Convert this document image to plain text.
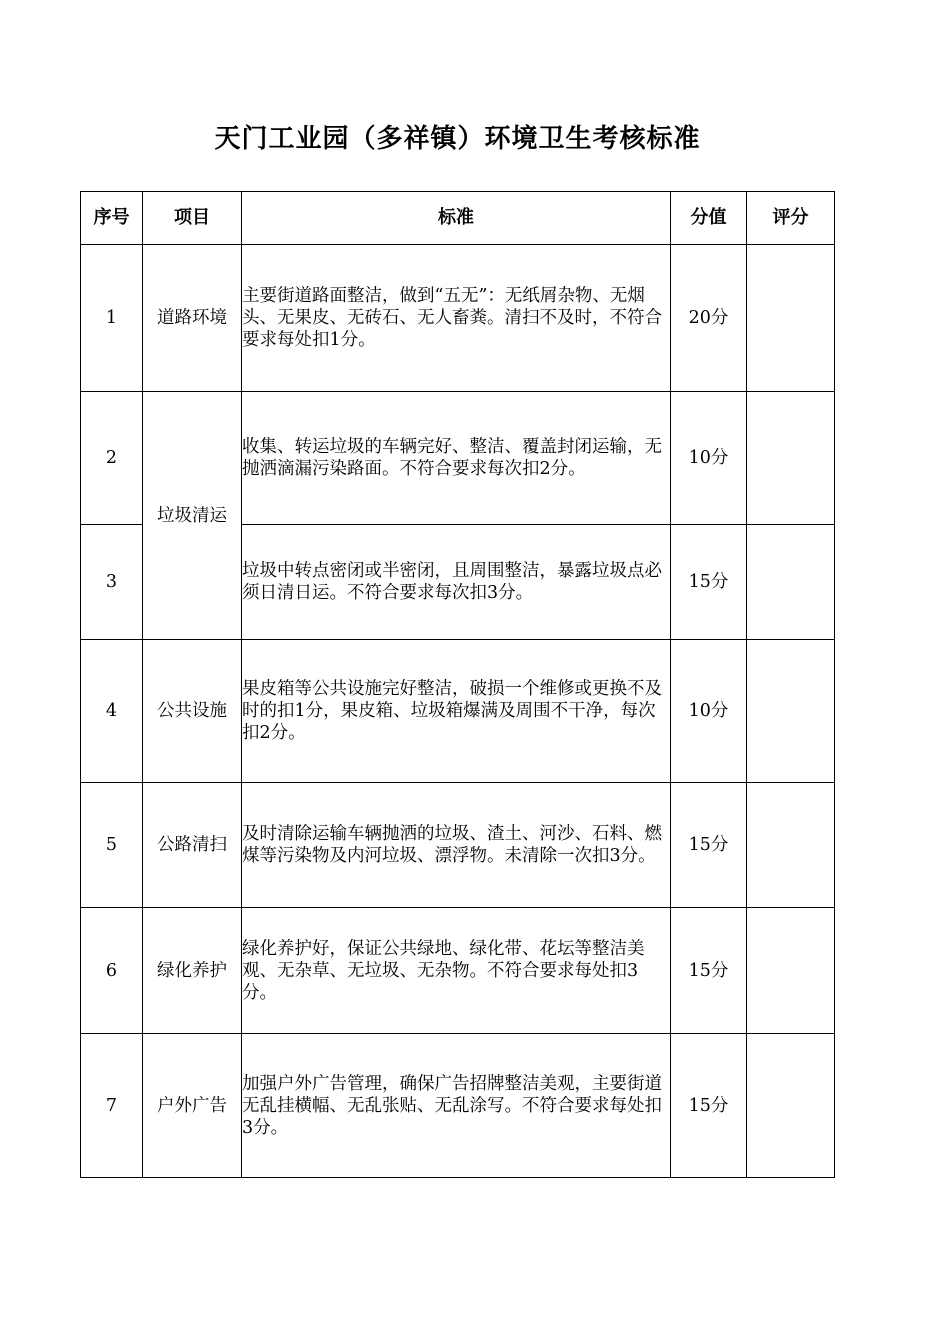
天门工业园（多祥镇）环境卫生考核标准
序号	项目	标准	分值	评分
1	道路环境	主要街道路面整洁，做到“五无”：无纸屑杂物、无烟头、无果皮、无砖石、无人畜粪。清扫不及时，不符合要求每处扣1分。	20分	
2	垃圾清运	收集、转运垃圾的车辆完好、整洁、覆盖封闭运输，无抛洒滴漏污染路面。不符合要求每次扣2分。	10分	
3		垃圾中转点密闭或半密闭，且周围整洁，暴露垃圾点必须日清日运。不符合要求每次扣3分。	15分	
4	公共设施	果皮箱等公共设施完好整洁，破损一个维修或更换不及时的扣1分，果皮箱、垃圾箱爆满及周围不干净，每次扣2分。	10分	
5	公路清扫	及时清除运输车辆抛洒的垃圾、渣土、河沙、石料、燃煤等污染物及内河垃圾、漂浮物。未清除一次扣3分。	15分	
6	绿化养护	绿化养护好，保证公共绿地、绿化带、花坛等整洁美观、无杂草、无垃圾、无杂物。不符合要求每处扣3分。	15分	
7	户外广告	加强户外广告管理，确保广告招牌整洁美观，主要街道无乱挂横幅、无乱张贴、无乱涂写。不符合要求每处扣3分。	15分	
